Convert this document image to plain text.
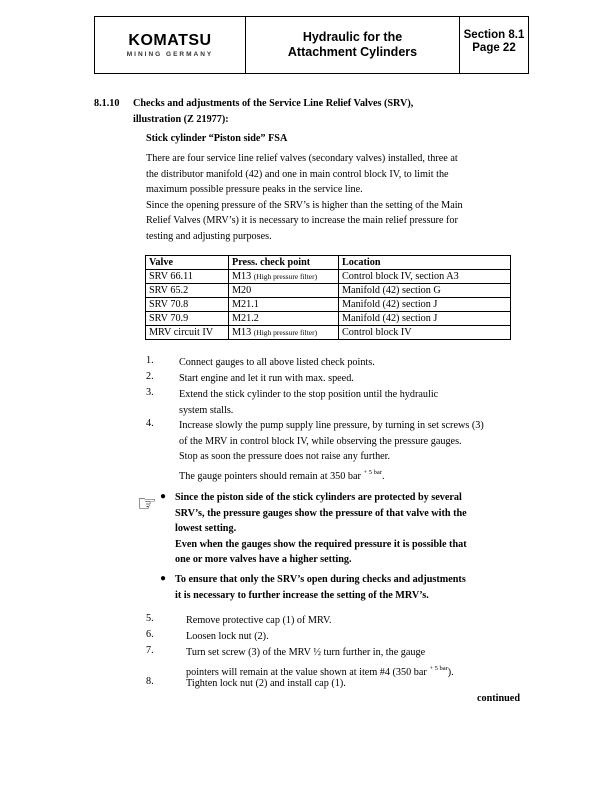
KOMATSU
MINING GERMANY
Hydraulic for the
Attachment Cylinders
Section 8.1
Page 22
8.1.10 Checks and adjustments of the Service Line Relief Valves (SRV),
illustration (Z 21977):
Stick cylinder “Piston side” FSA
There are four service line relief valves (secondary valves) installed, three at
the distributor manifold (42) and one in main control block IV, to limit the
maximum possible pressure peaks in the service line.
Since the opening pressure of the SRV’s is higher than the setting of the Main
Relief Valves (MRV’s) it is necessary to increase the main relief pressure for
testing and adjusting purposes.
Valve	Press. check point	Location
SRV 66.11	M13 (High pressure filter)	Control block IV, section A3
SRV 65.2	M20	Manifold (42) section G
SRV 70.8	M21.1	Manifold (42) section J
SRV 70.9	M21.2	Manifold (42) section J
MRV circuit IV	M13 (High pressure filter)	Control block IV
1. Connect gauges to all above listed check points.
2. Start engine and let it run with max. speed.
3. Extend the stick cylinder to the stop position until the hydraulic
system stalls.
4. Increase slowly the pump supply line pressure, by turning in set screws (3)
of the MRV in control block IV, while observing the pressure gauges.
Stop as soon the pressure does not raise any further.
The gauge pointers should remain at 350 bar $^{+ 5 bar}$.
☞ ● Since the piston side of the stick cylinders are protected by several
SRV’s, the pressure gauges show the pressure of that valve with the
lowest setting.
Even when the gauges show the required pressure it is possible that
one or more valves have a higher setting.
● To ensure that only the SRV’s open during checks and adjustments
it is necessary to further increase the setting of the MRV’s.
5.	Remove protective cap (1) of MRV.
6.	Loosen lock nut (2).
7.	Turn set screw (3) of the MRV ½ turn further in, the gauge
pointers will remain at the value shown at item #4 (350 bar $^{+ 5 bar}$).
8.	Tighten lock nut (2) and install cap (1).
continued
